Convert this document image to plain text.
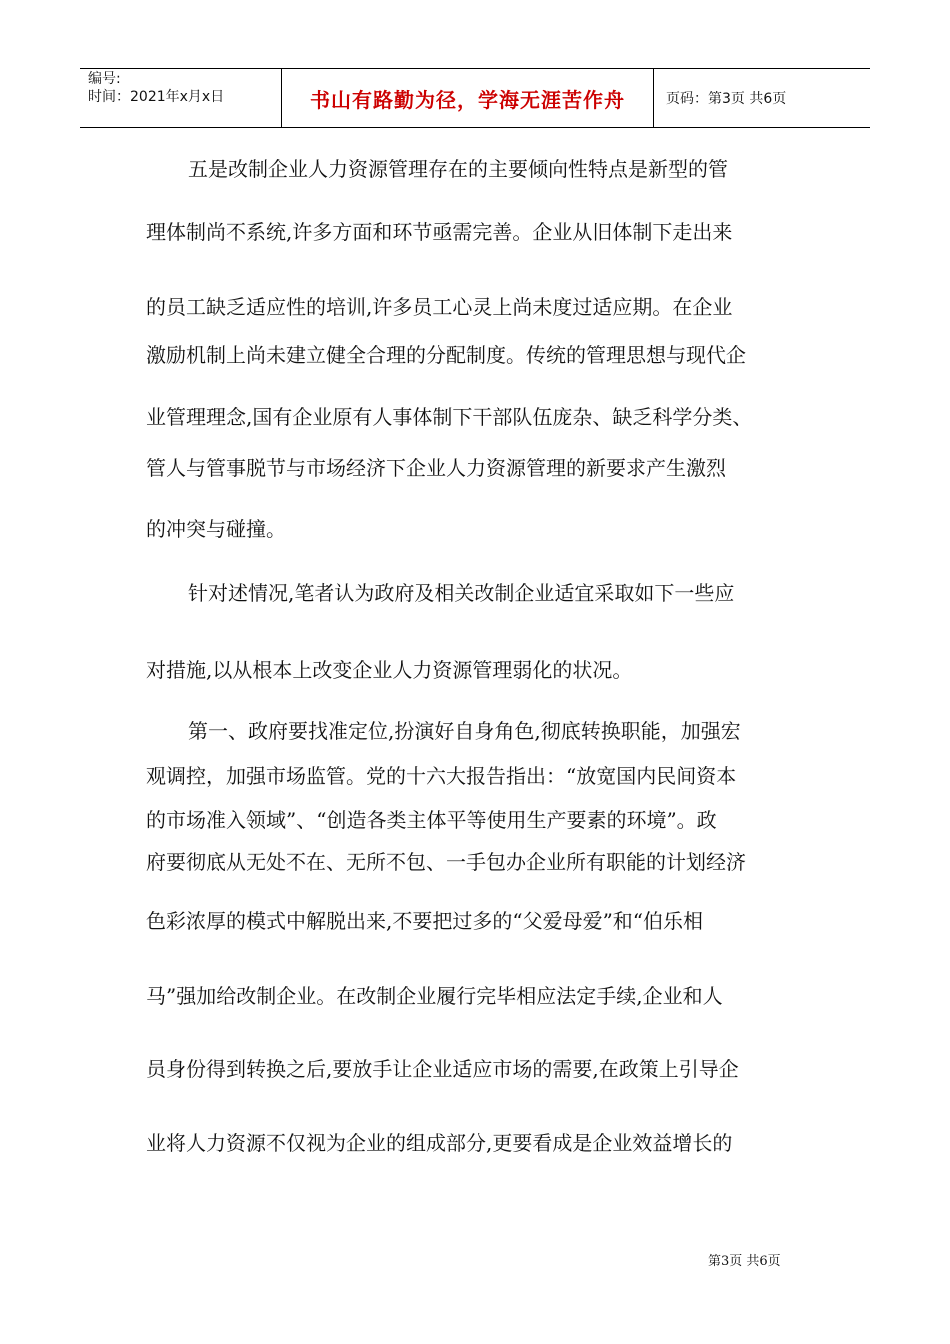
编号:
时间：2021年x月x日	书山有路勤为径，学海无涯苦作舟	页码：第3页 共6页
五是改制企业人力资源管理存在的主要倾向性特点是新型的管
理体制尚不系统,许多方面和环节亟需完善。企业从旧体制下走出来
的员工缺乏适应性的培训,许多员工心灵上尚未度过适应期。在企业
激励机制上尚未建立健全合理的分配制度。传统的管理思想与现代企
业管理理念,国有企业原有人事体制下干部队伍庞杂、缺乏科学分类、
管人与管事脱节与市场经济下企业人力资源管理的新要求产生激烈
的冲突与碰撞。
针对述情况,笔者认为政府及相关改制企业适宜采取如下一些应
对措施,以从根本上改变企业人力资源管理弱化的状况。
第一、政府要找准定位,扮演好自身角色,彻底转换职能，加强宏
观调控，加强市场监管。党的十六大报告指出：“放宽国内民间资本
的市场准入领域”、“创造各类主体平等使用生产要素的环境”。政
府要彻底从无处不在、无所不包、一手包办企业所有职能的计划经济
色彩浓厚的模式中解脱出来,不要把过多的“父爱母爱”和“伯乐相
马”强加给改制企业。在改制企业履行完毕相应法定手续,企业和人
员身份得到转换之后,要放手让企业适应市场的需要,在政策上引导企
业将人力资源不仅视为企业的组成部分,更要看成是企业效益增长的
第3页 共6页
